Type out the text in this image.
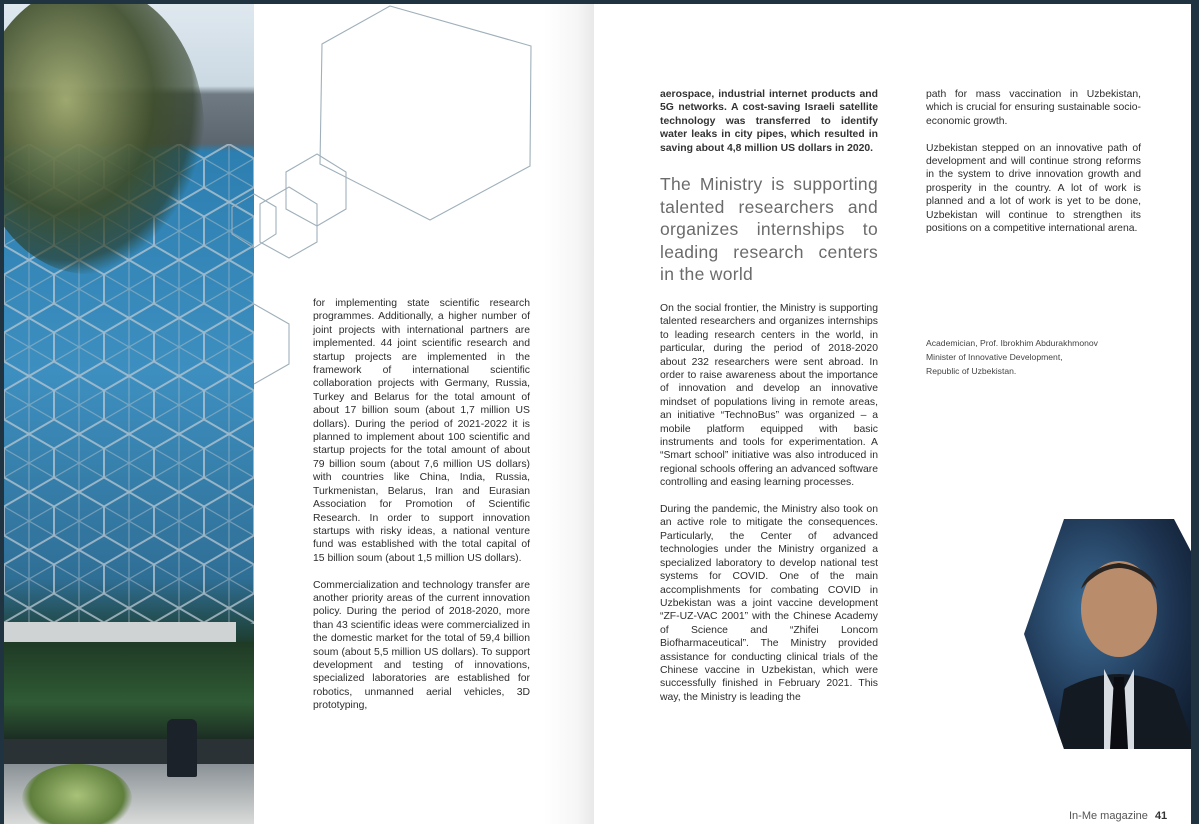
for implementing state scientific research programmes. Additionally, a higher number of joint projects with international partners are implemented. 44 joint scientific research and startup projects are implemented in the framework of international scientific collaboration projects with Germany, Russia, Turkey and Belarus for the total amount of about 17 billion soum (about 1,7 million US dollars). During the period of 2021-2022 it is planned to implement about 100 scientific and startup projects for the total amount of about 79 billion soum (about 7,6 million US dollars) with countries like China, India, Russia, Turkmenistan, Belarus, Iran and Eurasian Association for Promotion of Scientific Research. In order to support innovation startups with risky ideas, a national venture fund was established with the total capital of 15 billion soum (about 1,5 million US dollars).

Commercialization and technology transfer are another priority areas of the current innovation policy. During the period of 2018-2020, more than 43 scientific ideas were commercialized in the domestic market for the total of 59,4 billion soum (about 5,5 million US dollars). To support development and testing of innovations, specialized laboratories are established for robotics, unmanned aerial vehicles, 3D prototyping,

aerospace, industrial internet products and 5G networks. A cost-saving Israeli satellite technology was transferred to identify water leaks in city pipes, which resulted in saving about 4,8 million US dollars in 2020.

The Ministry is supporting talented researchers and organizes internships to leading research centers in the world

On the social frontier, the Ministry is supporting talented researchers and organizes internships to leading research centers in the world, in particular, during the period of 2018-2020 about 232 researchers were sent abroad. In order to raise awareness about the importance of innovation and develop an innovative mindset of populations living in remote areas, an initiative “TechnoBus” was organized – a mobile platform equipped with basic instruments and tools for experimentation. A “Smart school” initiative was also introduced in regional schools offering an advanced software controlling and easing learning processes.

During the pandemic, the Ministry also took on an active role to mitigate the consequences. Particularly, the Center of advanced technologies under the Ministry organized a specialized laboratory to develop national test systems for COVID. One of the main accomplishments for combating COVID in Uzbekistan was a joint vaccine development “ZF-UZ-VAC 2001” with the Chinese Academy of Science and “Zhifei Loncom Biofharmaceutical”. The Ministry provided assistance for conducting clinical trials of the Chinese vaccine in Uzbekistan, which were successfully finished in February 2021. This way, the Ministry is leading the

path for mass vaccination in Uzbekistan, which is crucial for ensuring sustainable socio-economic growth.

Uzbekistan stepped on an innovative path of development and will continue strong reforms in the system to drive innovation growth and prosperity in the country. A lot of work is planned and a lot of work is yet to be done, Uzbekistan will continue to strengthen its positions on a competitive international arena.

Academician, Prof. Ibrokhim Abdurakhmonov
Minister of Innovative Development,
Republic of Uzbekistan.
In-Me magazine 41
